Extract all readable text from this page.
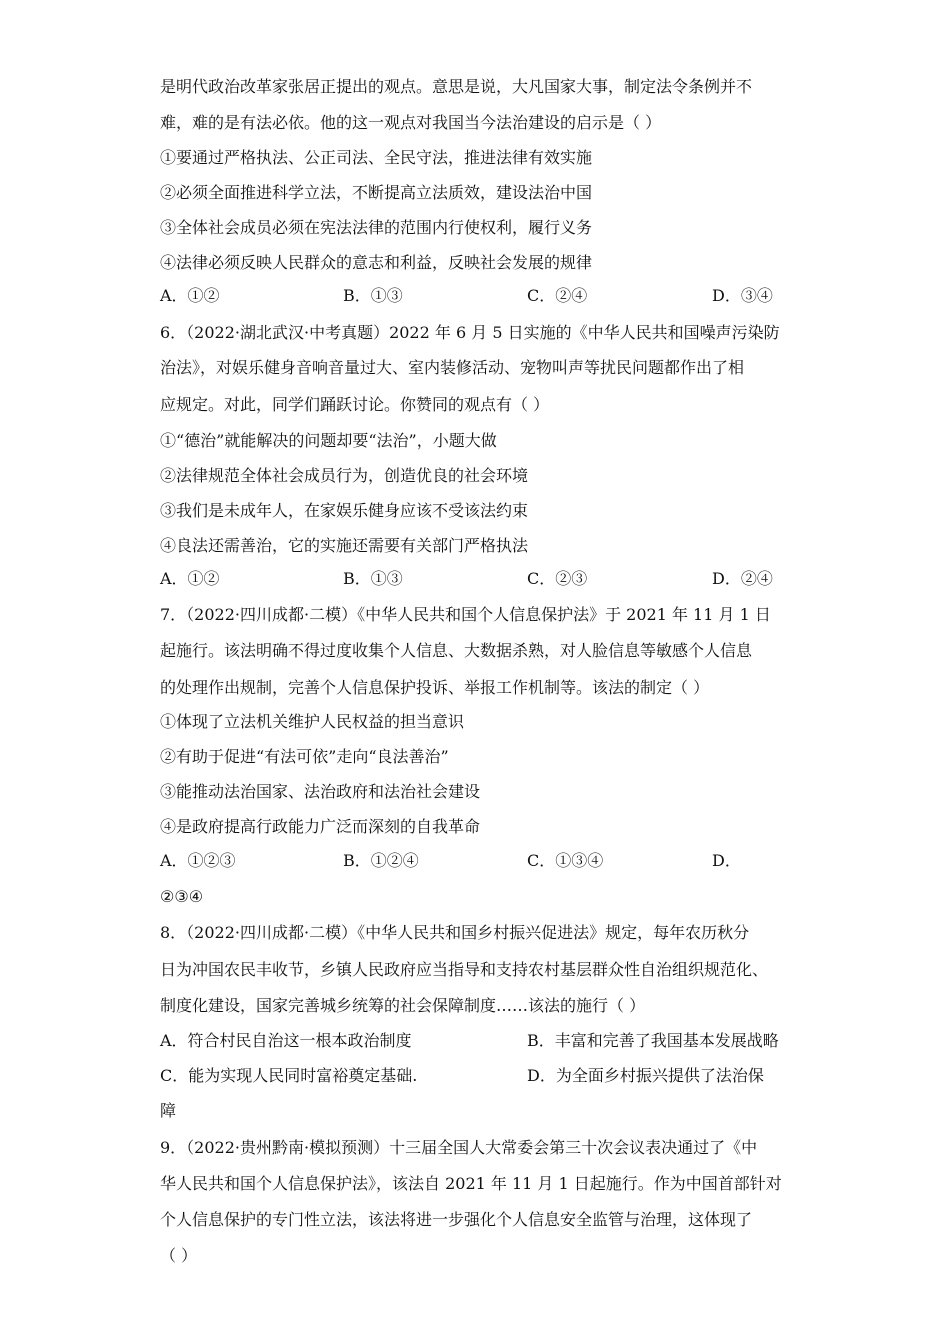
是明代政治改革家张居正提出的观点。意思是说，大凡国家大事，制定法令条例并不
难，难的是有法必依。他的这一观点对我国当今法治建设的启示是（ ）
①要通过严格执法、公正司法、全民守法，推进法律有效实施
②必须全面推进科学立法，不断提高立法质效，建设法治中国
③全体社会成员必须在宪法法律的范围内行使权利，履行义务
④法律必须反映人民群众的意志和利益，反映社会发展的规律
A．①②	B．①③	C．②④	D．③④
6．（2022·湖北武汉·中考真题）2022 年 6 月 5 日实施的《中华人民共和国噪声污染防
治法》，对娱乐健身音响音量过大、室内装修活动、宠物叫声等扰民问题都作出了相
应规定。对此，同学们踊跃讨论。你赞同的观点有（ ）
①“德治”就能解决的问题却要“法治”，小题大做
②法律规范全体社会成员行为，创造优良的社会环境
③我们是未成年人，在家娱乐健身应该不受该法约束
④良法还需善治，它的实施还需要有关部门严格执法
A．①②	B．①③	C．②③	D．②④
7．（2022·四川成都·二模）《中华人民共和国个人信息保护法》于 2021 年 11 月 1 日
起施行。该法明确不得过度收集个人信息、大数据杀熟，对人脸信息等敏感个人信息
的处理作出规制，完善个人信息保护投诉、举报工作机制等。该法的制定（ ）
①体现了立法机关维护人民权益的担当意识
②有助于促进“有法可依”走向“良法善治”
③能推动法治国家、法治政府和法治社会建设
④是政府提高行政能力广泛而深刻的自我革命
A．①②③	B．①②④	C．①③④	D．
②③④
8．（2022·四川成都·二模）《中华人民共和国乡村振兴促进法》规定，每年农历秋分
日为冲国农民丰收节，乡镇人民政府应当指导和支持农村基层群众性自治组织规范化、
制度化建设，国家完善城乡统筹的社会保障制度……该法的施行（ ）
A．符合村民自治这一根本政治制度	B．丰富和完善了我国基本发展战略
C．能为实现人民同时富裕奠定基础.	D．为全面乡村振兴提供了法治保
障
9．（2022·贵州黔南·模拟预测）十三届全国人大常委会第三十次会议表决通过了《中
华人民共和国个人信息保护法》，该法自 2021 年 11 月 1 日起施行。作为中国首部针对
个人信息保护的专门性立法，该法将进一步强化个人信息安全监管与治理，这体现了
（ ）
